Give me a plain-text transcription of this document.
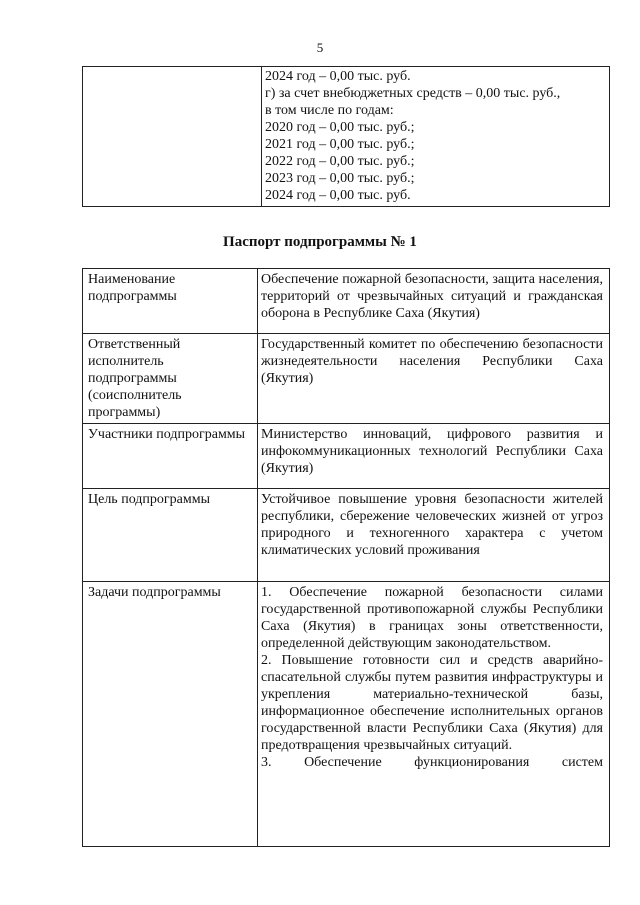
5

2024 год – 0,00 тыс. руб.
г) за счет внебюджетных средств – 0,00 тыс. руб.,
в том числе по годам:
2020 год – 0,00 тыс. руб.;
2021 год – 0,00 тыс. руб.;
2022 год – 0,00 тыс. руб.;
2023 год – 0,00 тыс. руб.;
2024 год – 0,00 тыс. руб.
Паспорт подпрограммы № 1
Наименование подпрограммы	Обеспечение пожарной безопасности, защита населения, территорий от чрезвычайных ситуаций и гражданская оборона в Республике Саха (Якутия)
Ответственный исполнитель подпрограммы (соисполнитель программы)	Государственный комитет по обеспечению безопасности жизнедеятельности населения Республики Саха (Якутия)
Участники подпрограммы	Министерство инноваций, цифрового развития и инфокоммуникационных технологий Республики Саха (Якутия)
Цель подпрограммы	Устойчивое повышение уровня безопасности жителей республики, сбережение человеческих жизней от угроз природного и техногенного характера с учетом климатических условий проживания
Задачи подпрограммы	1. Обеспечение пожарной безопасности силами государственной противопожарной службы Республики Саха (Якутия) в границах зоны ответственности, определенной действующим законодательством.
2. Повышение готовности сил и средств аварийно-спасательной службы путем развития инфраструктуры и укрепления материально-технической базы, информационное обеспечение исполнительных органов государственной власти Республики Саха (Якутия) для предотвращения чрезвычайных ситуаций.
3. Обеспечение функционирования систем
